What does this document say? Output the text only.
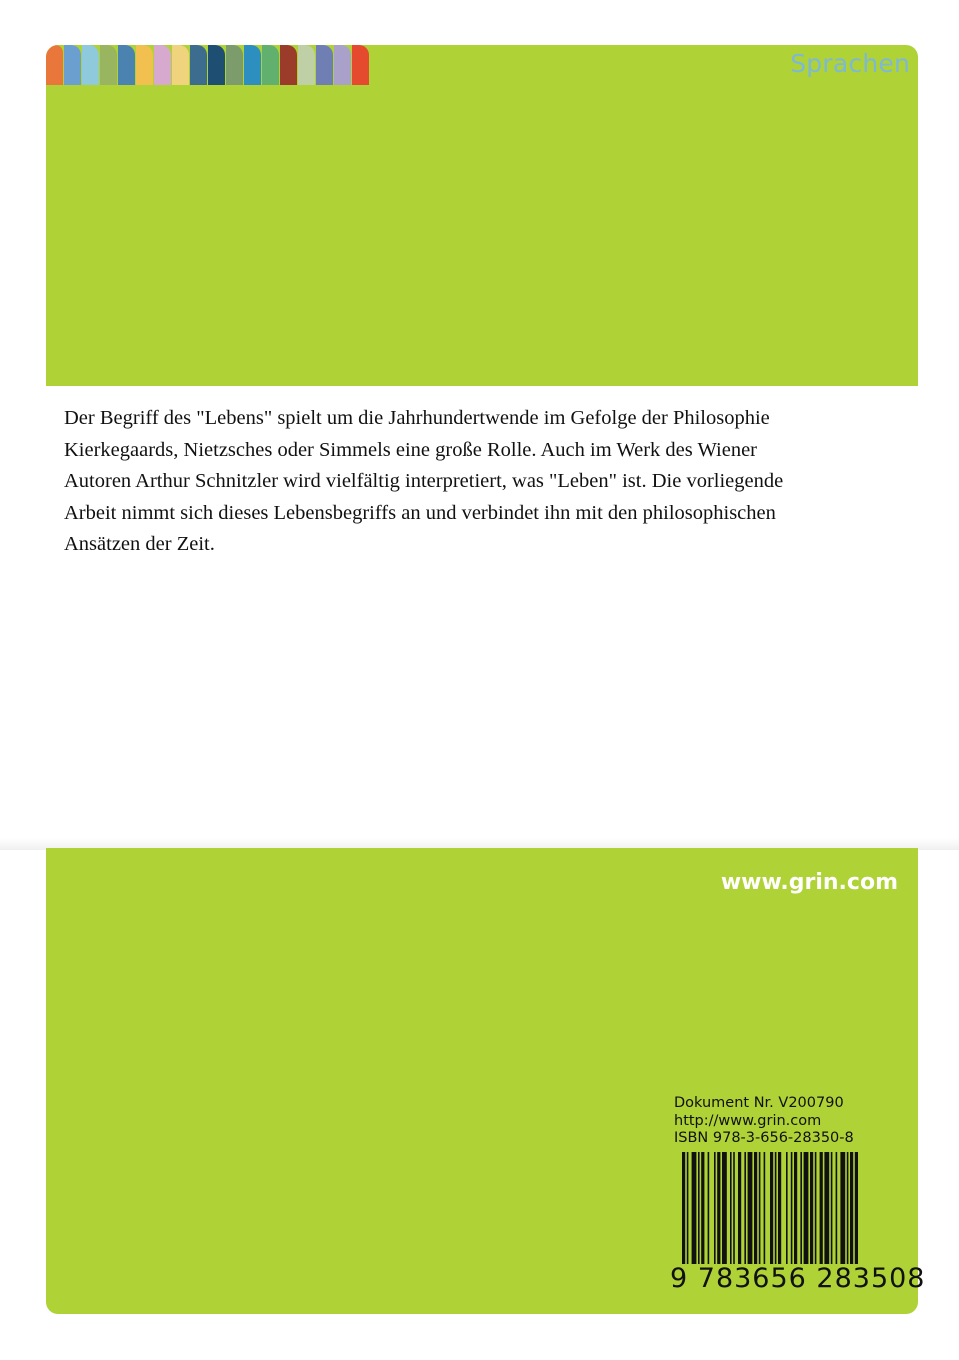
Sprachen

Der Begriff des "Lebens" spielt um die Jahrhundertwende im Gefolge der Philosophie Kierkegaards, Nietzsches oder Simmels eine große Rolle. Auch im Werk des Wiener Autoren Arthur Schnitzler wird vielfältig interpretiert, was "Leben" ist. Die vorliegende Arbeit nimmt sich dieses Lebensbegriffs an und verbindet ihn mit den philosophischen Ansätzen der Zeit.

www.grin.com
Dokument Nr. V200790
http://www.grin.com
ISBN 978-3-656-28350-8
9 783656 283508
